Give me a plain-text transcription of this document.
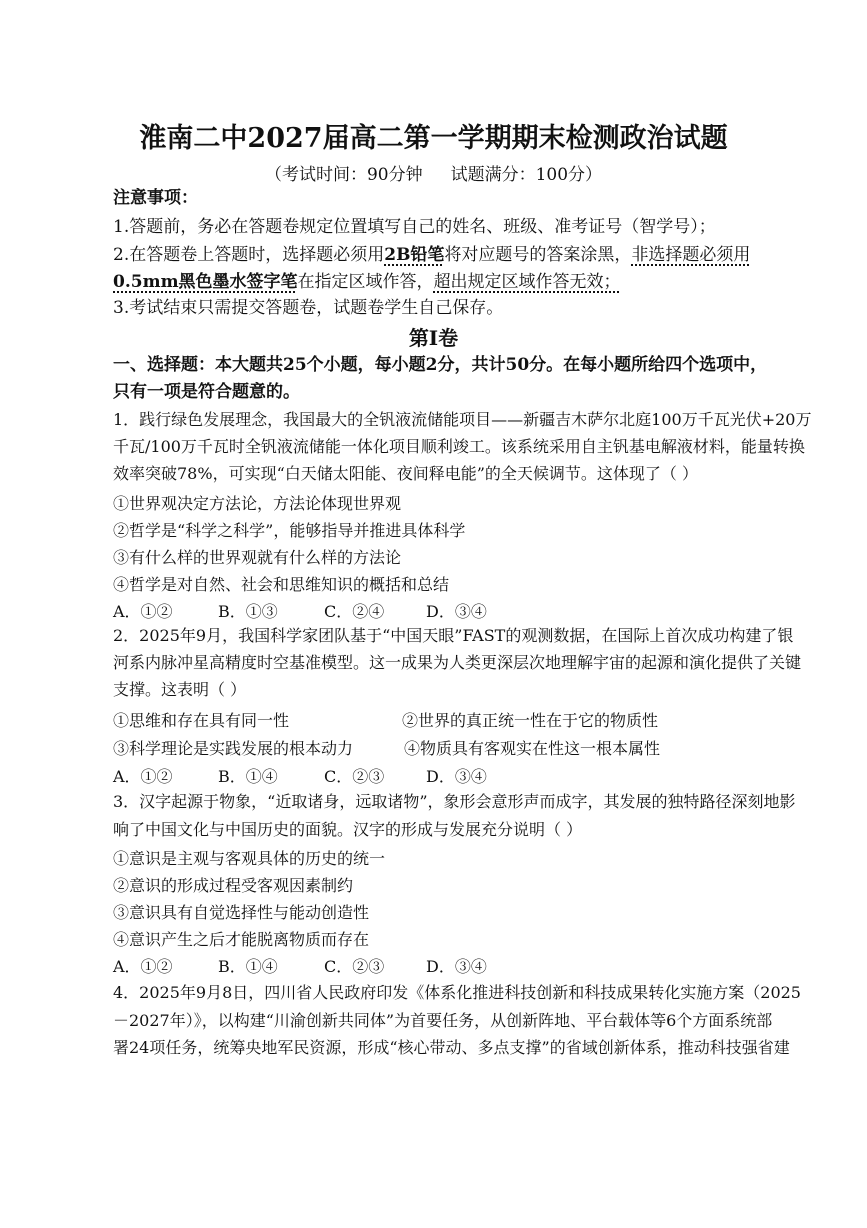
淮南二中2027届高二第一学期期末检测政治试题
（考试时间：90分钟 试题满分：100分）
注意事项：
1.答题前，务必在答题卷规定位置填写自己的姓名、班级、准考证号（智学号）；
2.在答题卷上答题时，选择题必须用2B铅笔将对应题号的答案涂黑，非选择题必须用
0.5mm黑色墨水签字笔在指定区域作答，超出规定区域作答无效；
3.考试结束只需提交答题卷，试题卷学生自己保存。
第Ⅰ卷
一、选择题：本大题共25个小题，每小题2分，共计50分。在每小题所给四个选项中，
只有一项是符合题意的。
1．践行绿色发展理念，我国最大的全钒液流储能项目——新疆吉木萨尔北庭100万千瓦光伏+20万
千瓦/100万千瓦时全钒液流储能一体化项目顺利竣工。该系统采用自主钒基电解液材料，能量转换
效率突破78%，可实现“白天储太阳能、夜间释电能”的全天候调节。这体现了（ ）
①世界观决定方法论，方法论体现世界观
②哲学是“科学之科学”，能够指导并推进具体科学
③有什么样的世界观就有什么样的方法论
④哲学是对自然、社会和思维知识的概括和总结
A．①②	B．①③	C．②④	D．③④
2．2025年9月，我国科学家团队基于“中国天眼”FAST的观测数据，在国际上首次成功构建了银
河系内脉冲星高精度时空基准模型。这一成果为人类更深层次地理解宇宙的起源和演化提供了关键
支撑。这表明（ ）
①思维和存在具有同一性	②世界的真正统一性在于它的物质性
③科学理论是实践发展的根本动力	④物质具有客观实在性这一根本属性
A．①②	B．①④	C．②③	D．③④
3．汉字起源于物象，“近取诸身，远取诸物”，象形会意形声而成字，其发展的独特路径深刻地影
响了中国文化与中国历史的面貌。汉字的形成与发展充分说明（ ）
①意识是主观与客观具体的历史的统一
②意识的形成过程受客观因素制约
③意识具有自觉选择性与能动创造性
④意识产生之后才能脱离物质而存在
A．①②	B．①④	C．②③	D．③④
4．2025年9月8日，四川省人民政府印发《体系化推进科技创新和科技成果转化实施方案（2025
－2027年）》，以构建“川渝创新共同体”为首要任务，从创新阵地、平台载体等6个方面系统部
署24项任务，统筹央地军民资源，形成“核心带动、多点支撑”的省域创新体系，推动科技强省建
